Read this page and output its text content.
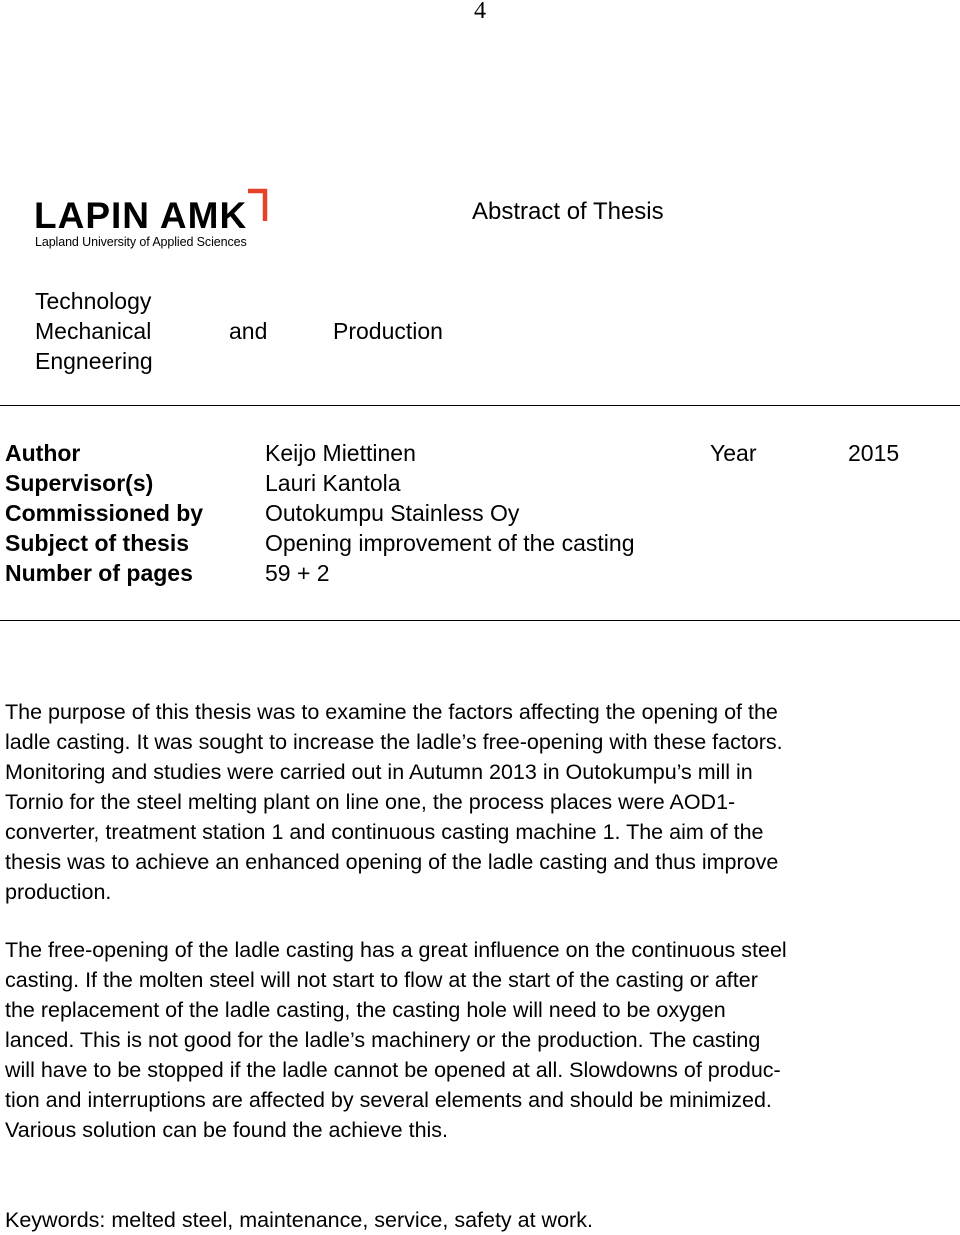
4
LAPIN AMK
Lapland University of Applied Sciences
Abstract of Thesis
Technology
Mechanical	and	Production
Engneering
Author	Keijo Miettinen	Year	2015
Supervisor(s)	Lauri Kantola
Commissioned by	Outokumpu Stainless Oy
Subject of thesis	Opening improvement of the casting
Number of pages	59 + 2
The purpose of this thesis was to examine the factors affecting the opening of the
ladle casting. It was sought to increase the ladle’s free-opening with these factors.
Monitoring and studies were carried out in Autumn 2013 in Outokumpu’s mill in
Tornio for the steel melting plant on line one, the process places were AOD1-
converter, treatment station 1 and continuous casting machine 1. The aim of the
thesis was to achieve an enhanced opening of the ladle casting and thus improve
production.
The free-opening of the ladle casting has a great influence on the continuous steel
casting. If the molten steel will not start to flow at the start of the casting or after
the replacement of the ladle casting, the casting hole will need to be oxygen
lanced. This is not good for the ladle’s machinery or the production. The casting
will have to be stopped if the ladle cannot be opened at all. Slowdowns of produc-
tion and interruptions are affected by several elements and should be minimized.
Various solution can be found the achieve this.
Keywords: melted steel, maintenance, service, safety at work.
